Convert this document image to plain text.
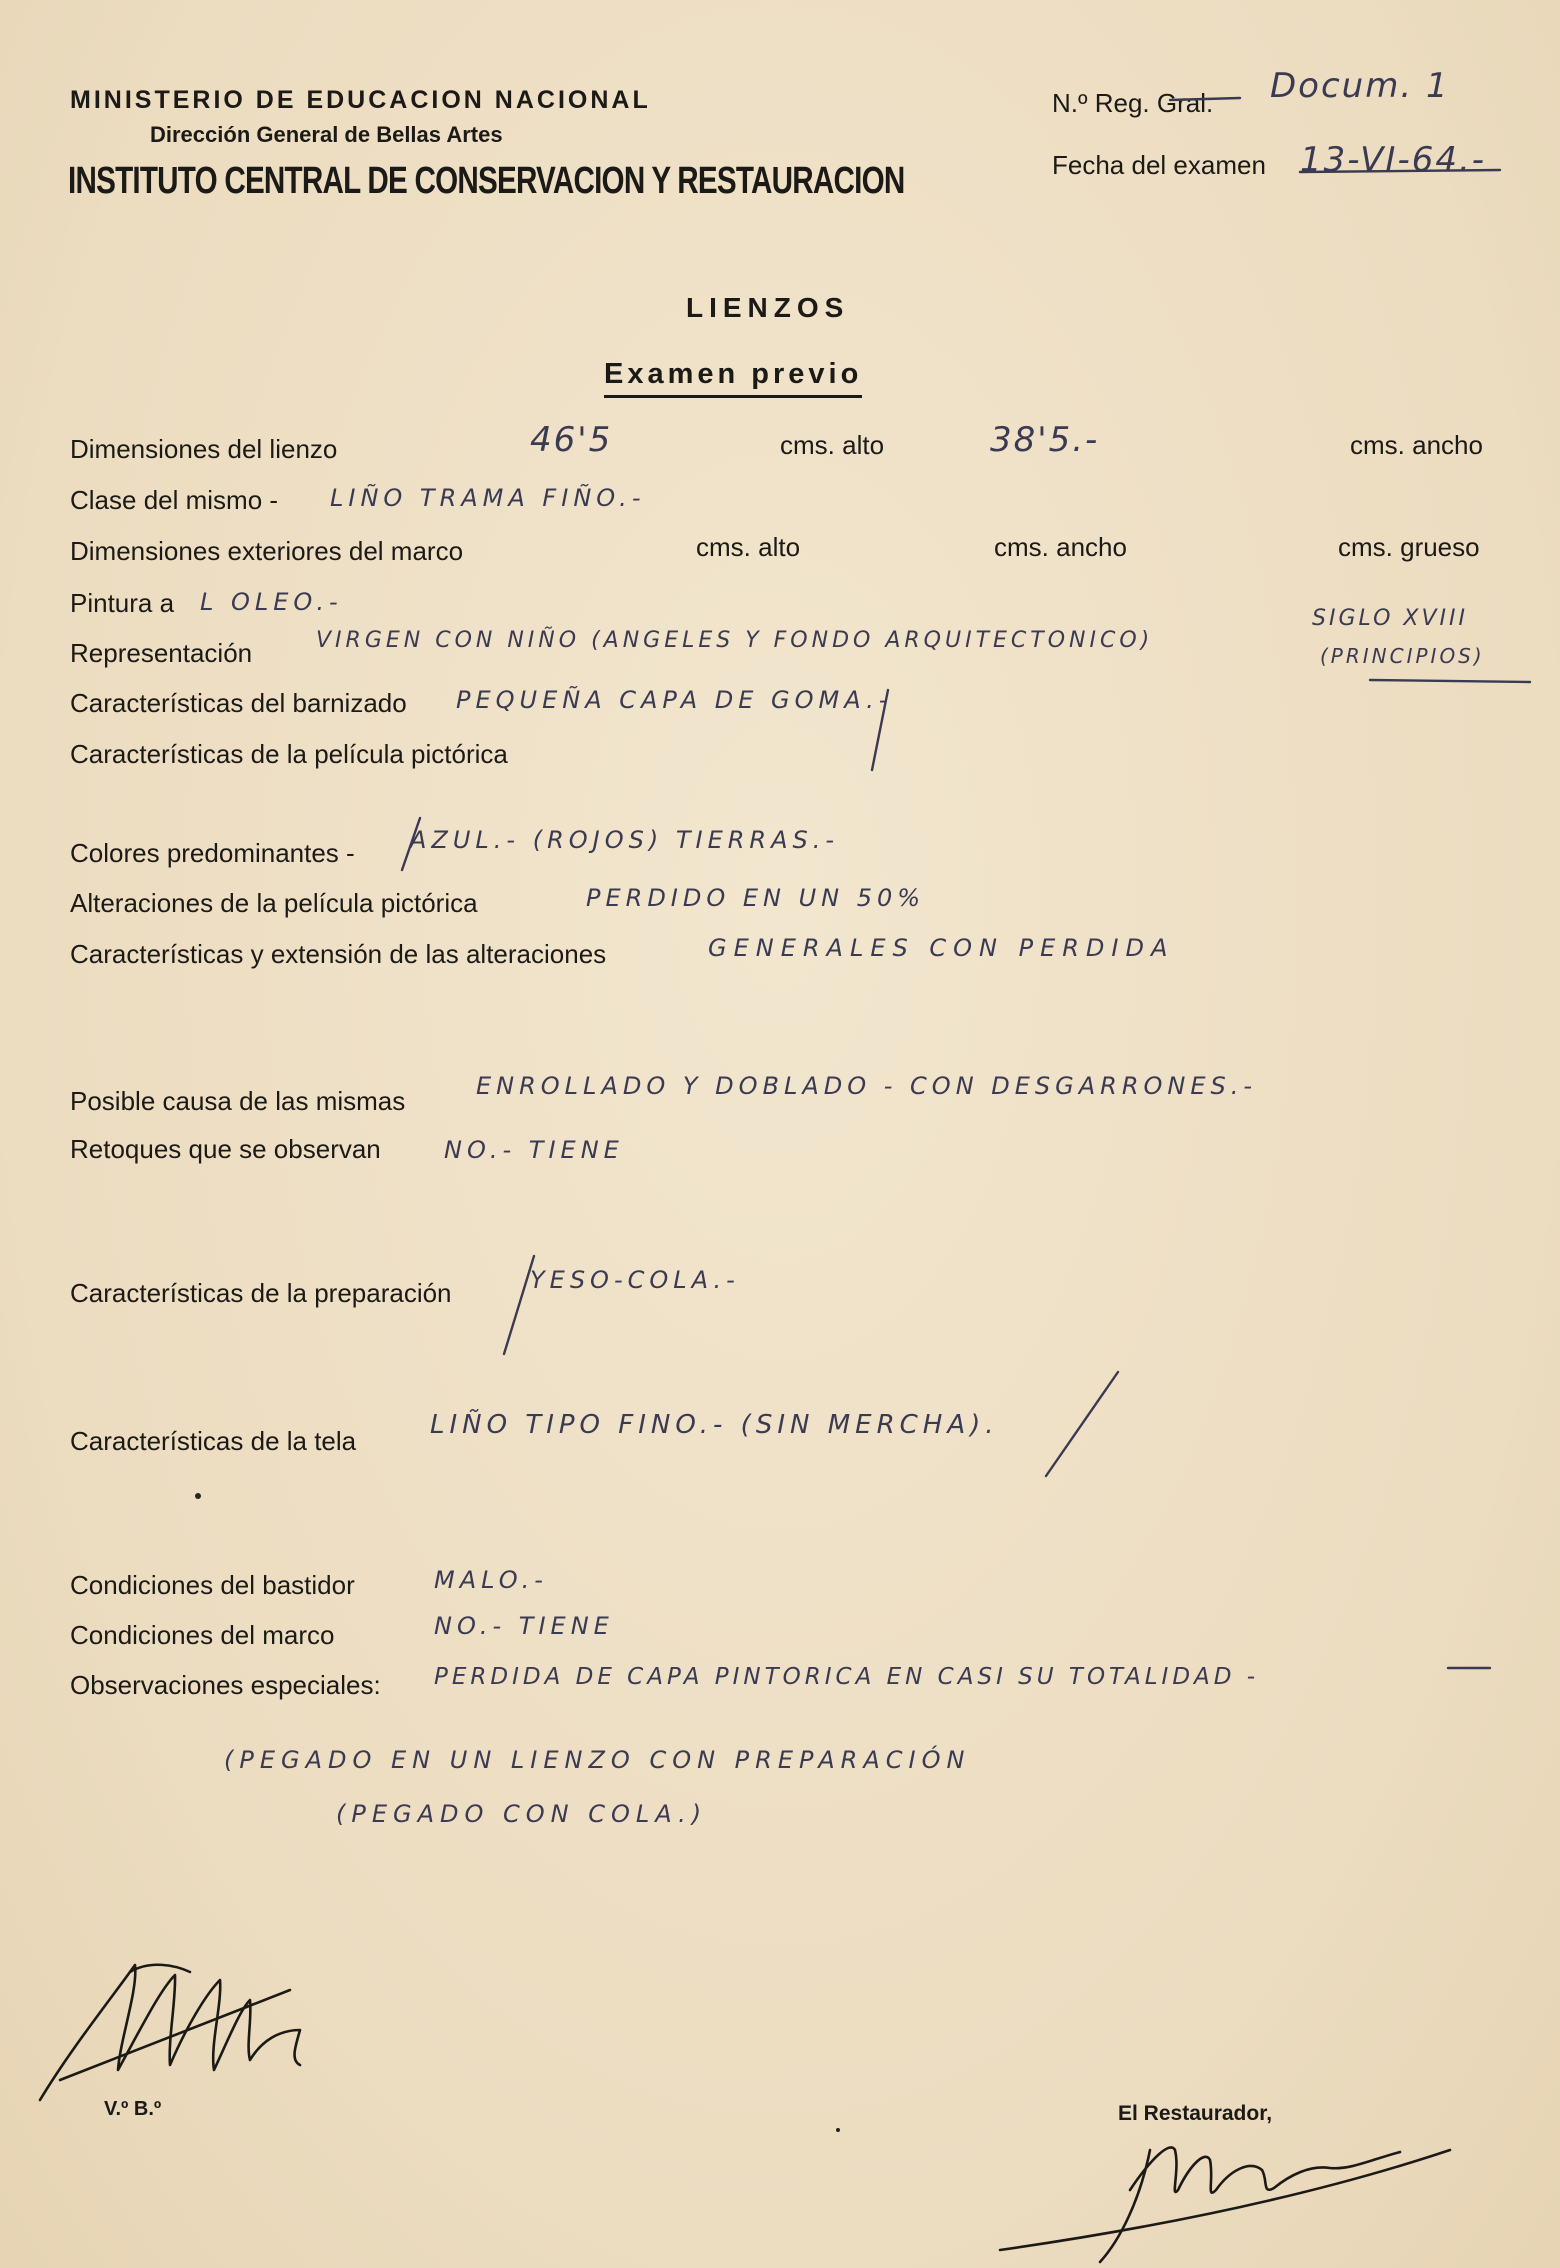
MINISTERIO DE EDUCACION NACIONAL
Dirección General de Bellas Artes
INSTITUTO CENTRAL DE CONSERVACION Y RESTAURACION
N.º Reg. Gral. Docum. 1
Fecha del examen 13-VI-64.-
LIENZOS
Examen previo
Dimensiones del lienzo	46'5	cms. alto	38'5.-	cms. ancho
Clase del mismo - LIÑO TRAMA FIÑO.-
Dimensiones exteriores del marco	cms. alto	cms. ancho	cms. grueso
Pintura a L OLEO.-
Representación	VIRGEN CON NIÑO (ANGELES Y FONDO ARQUITECTONICO)
SIGLO XVIII
(PRINCIPIOS)
Características del barnizado PEQUEÑA CAPA DE GOMA.-
Características de la película pictórica
Colores predominantes - AZUL.- (ROJOS) TIERRAS.-
Alteraciones de la película pictórica	PERDIDO EN UN 50%
Características y extensión de las alteraciones	GENERALES CON PERDIDA
Posible causa de las mismas	ENROLLADO Y DOBLADO - CON DESGARRONES.-
Retoques que se observan	NO.- TIENE
Características de la preparación	YESO-COLA.-
Características de la tela
LIÑO TIPO FINO.- (SIN MERCHA).
Condiciones del bastidor	MALO.-
Condiciones del marco	NO.- TIENE
Observaciones especiales: PERDIDA DE CAPA PINTORICA EN CASI SU TOTALIDAD -
(PEGADO EN UN LIENZO CON PREPARACIÓN
(PEGADO CON COLA.)
V.º B.º	El Restaurador,
